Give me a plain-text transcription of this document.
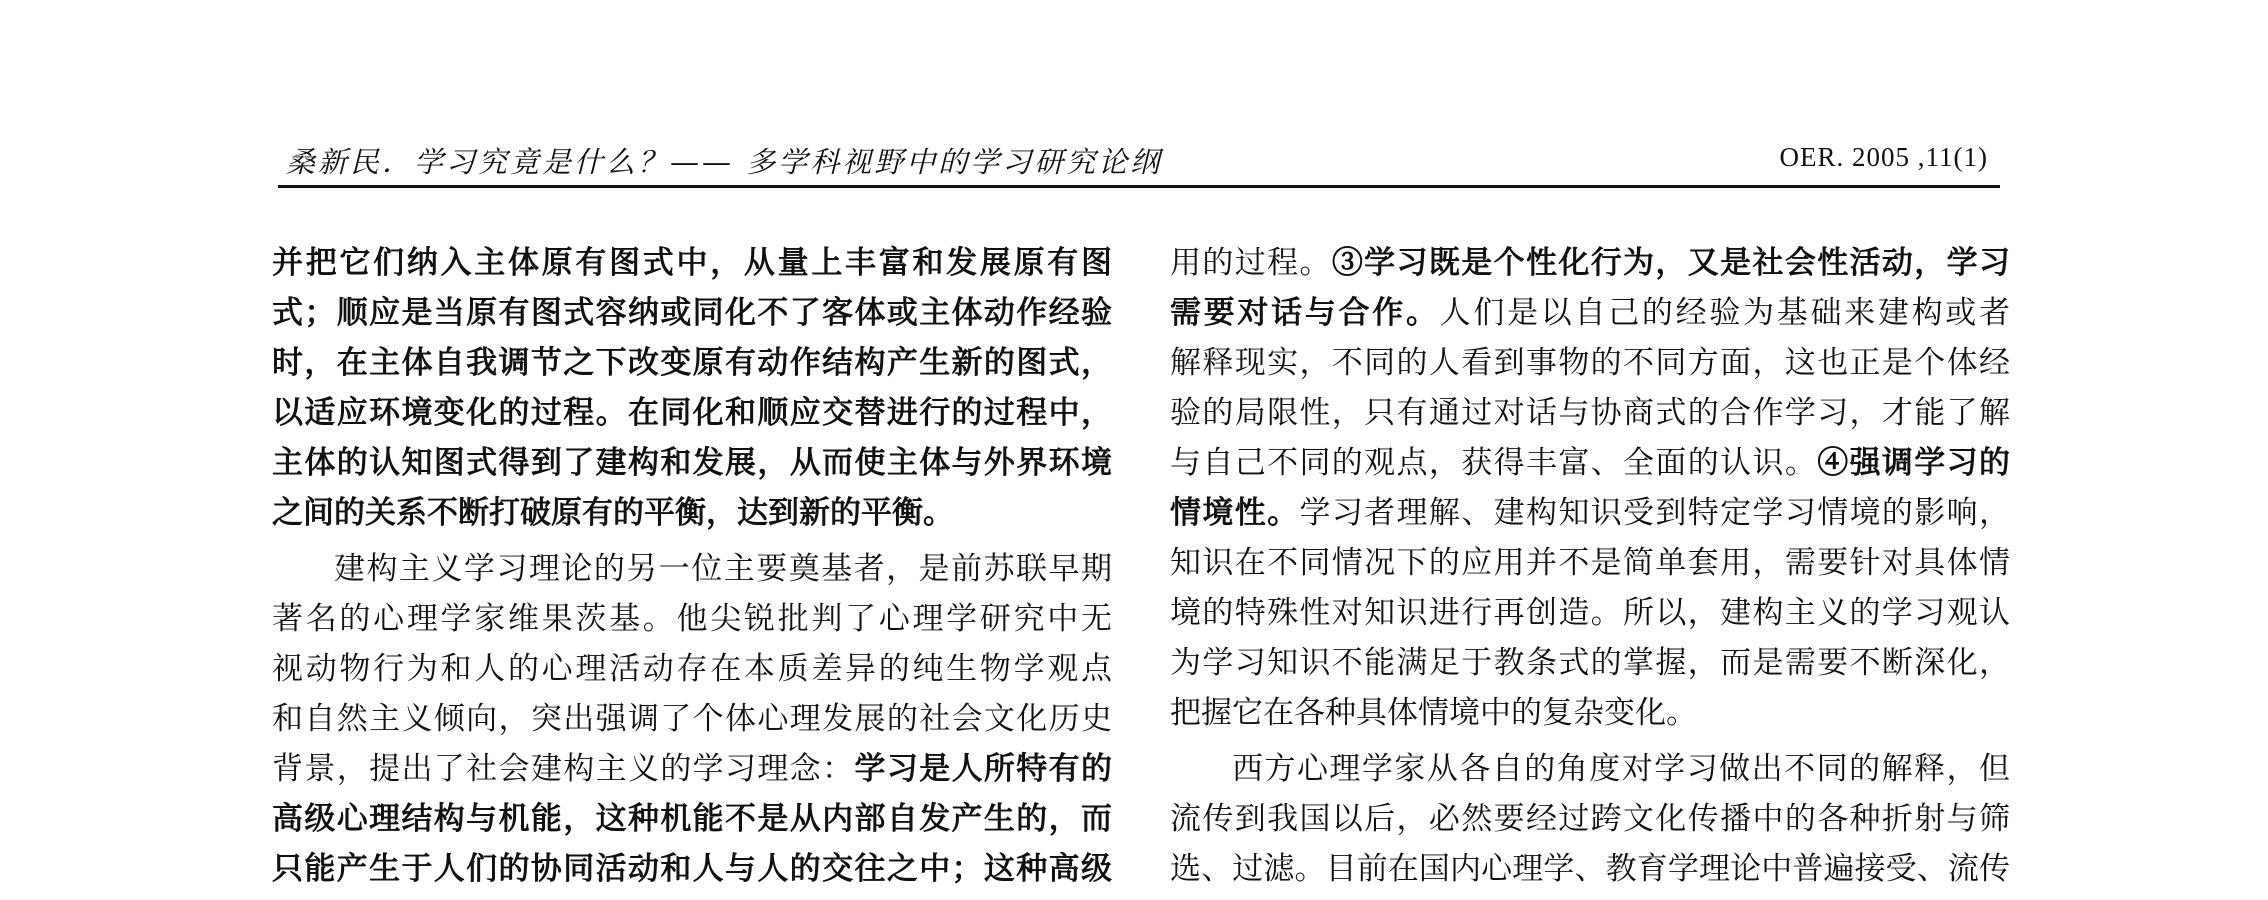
桑新民．学习究竟是什么？—— 多学科视野中的学习研究论纲	OER. 2005 ,11(1)
并把它们纳入主体原有图式中，从量上丰富和发展原有图
式；顺应是当原有图式容纳或同化不了客体或主体动作经验
时，在主体自我调节之下改变原有动作结构产生新的图式，
以适应环境变化的过程。在同化和顺应交替进行的过程中，
主体的认知图式得到了建构和发展，从而使主体与外界环境
之间的关系不断打破原有的平衡，达到新的平衡。
建构主义学习理论的另一位主要奠基者，是前苏联早期
著名的心理学家维果茨基。他尖锐批判了心理学研究中无
视动物行为和人的心理活动存在本质差异的纯生物学观点
和自然主义倾向，突出强调了个体心理发展的社会文化历史
背景，提出了社会建构主义的学习理念：学习是人所特有的
高级心理结构与机能，这种机能不是从内部自发产生的，而
只能产生于人们的协同活动和人与人的交往之中；这种高级
用的过程。③学习既是个性化行为，又是社会性活动，学习
需要对话与合作。人们是以自己的经验为基础来建构或者
解释现实，不同的人看到事物的不同方面，这也正是个体经
验的局限性，只有通过对话与协商式的合作学习，才能了解
与自己不同的观点，获得丰富、全面的认识。④强调学习的
情境性。学习者理解、建构知识受到特定学习情境的影响，
知识在不同情况下的应用并不是简单套用，需要针对具体情
境的特殊性对知识进行再创造。所以，建构主义的学习观认
为学习知识不能满足于教条式的掌握，而是需要不断深化，
把握它在各种具体情境中的复杂变化。
西方心理学家从各自的角度对学习做出不同的解释，但
流传到我国以后，必然要经过跨文化传播中的各种折射与筛
选、过滤。目前在国内心理学、教育学理论中普遍接受、流传
